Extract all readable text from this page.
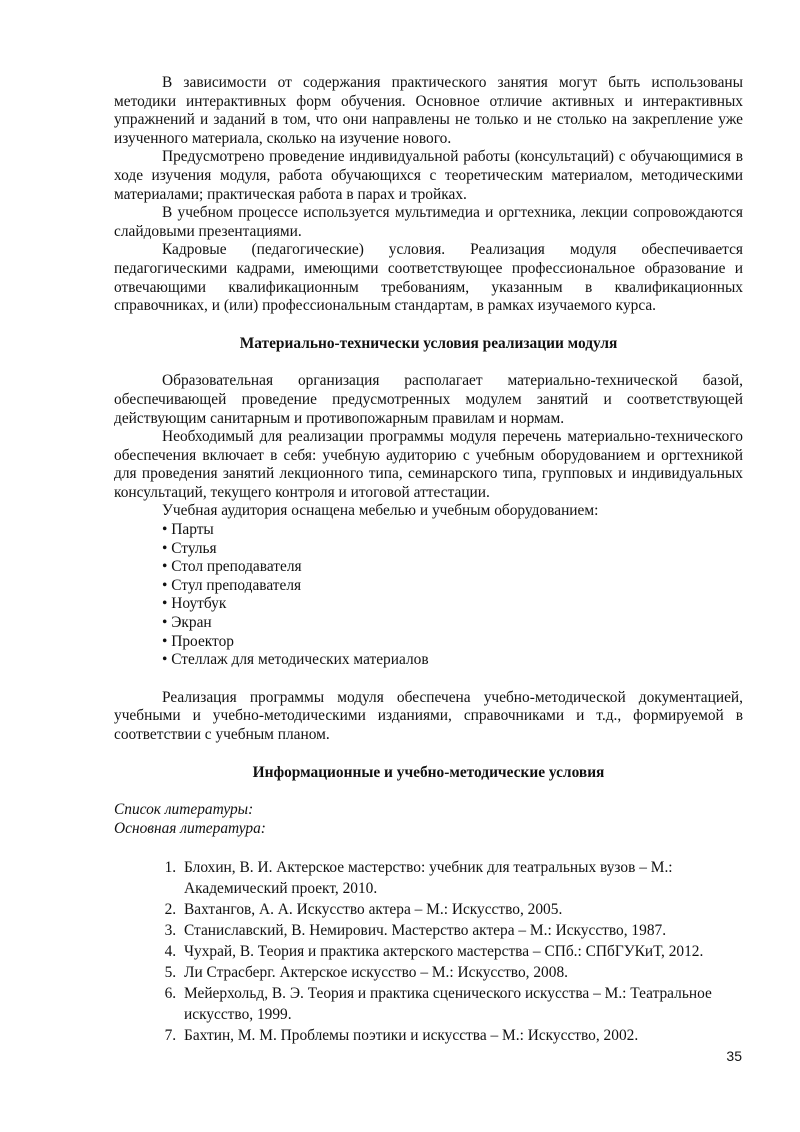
В зависимости от содержания практического занятия могут быть использованы методики интерактивных форм обучения. Основное отличие активных и интерактивных упражнений и заданий в том, что они направлены не только и не столько на закрепление уже изученного материала, сколько на изучение нового.

Предусмотрено проведение индивидуальной работы (консультаций) с обучающимися в ходе изучения модуля, работа обучающихся с теоретическим материалом, методическими материалами; практическая работа в парах и тройках.

В учебном процессе используется мультимедиа и оргтехника, лекции сопровождаются слайдовыми презентациями.

Кадровые (педагогические) условия. Реализация модуля обеспечивается педагогическими кадрами, имеющими соответствующее профессиональное образование и отвечающими квалификационным требованиям, указанным в квалификационных справочниках, и (или) профессиональным стандартам, в рамках изучаемого курса.

Материально-технически условия реализации модуля

Образовательная организация располагает материально-технической базой, обеспечивающей проведение предусмотренных модулем занятий и соответствующей действующим санитарным и противопожарным правилам и нормам.

Необходимый для реализации программы модуля перечень материально-технического обеспечения включает в себя: учебную аудиторию с учебным оборудованием и оргтехникой для проведения занятий лекционного типа, семинарского типа, групповых и индивидуальных консультаций, текущего контроля и итоговой аттестации.

Учебная аудитория оснащена мебелью и учебным оборудованием:

• Парты
• Стулья
• Стол преподавателя
• Стул преподавателя
• Ноутбук
• Экран
• Проектор
• Стеллаж для методических материалов

Реализация программы модуля обеспечена учебно-методической документацией, учебными и учебно-методическими изданиями, справочниками и т.д., формируемой в соответствии с учебным планом.

Информационные и учебно-методические условия

Список литературы:

Основная литература:

1. Блохин, В. И. Актерское мастерство: учебник для театральных вузов – М.: Академический проект, 2010.
2. Вахтангов, А. А. Искусство актера – М.: Искусство, 2005.
3. Станиславский, В. Немирович. Мастерство актера – М.: Искусство, 1987.
4. Чухрай, В. Теория и практика актерского мастерства – СПб.: СПбГУКиТ, 2012.
5. Ли Страсберг. Актерское искусство – М.: Искусство, 2008.
6. Мейерхольд, В. Э. Теория и практика сценического искусства – М.: Театральное искусство, 1999.
7. Бахтин, М. М. Проблемы поэтики и искусства – М.: Искусство, 2002.
35
